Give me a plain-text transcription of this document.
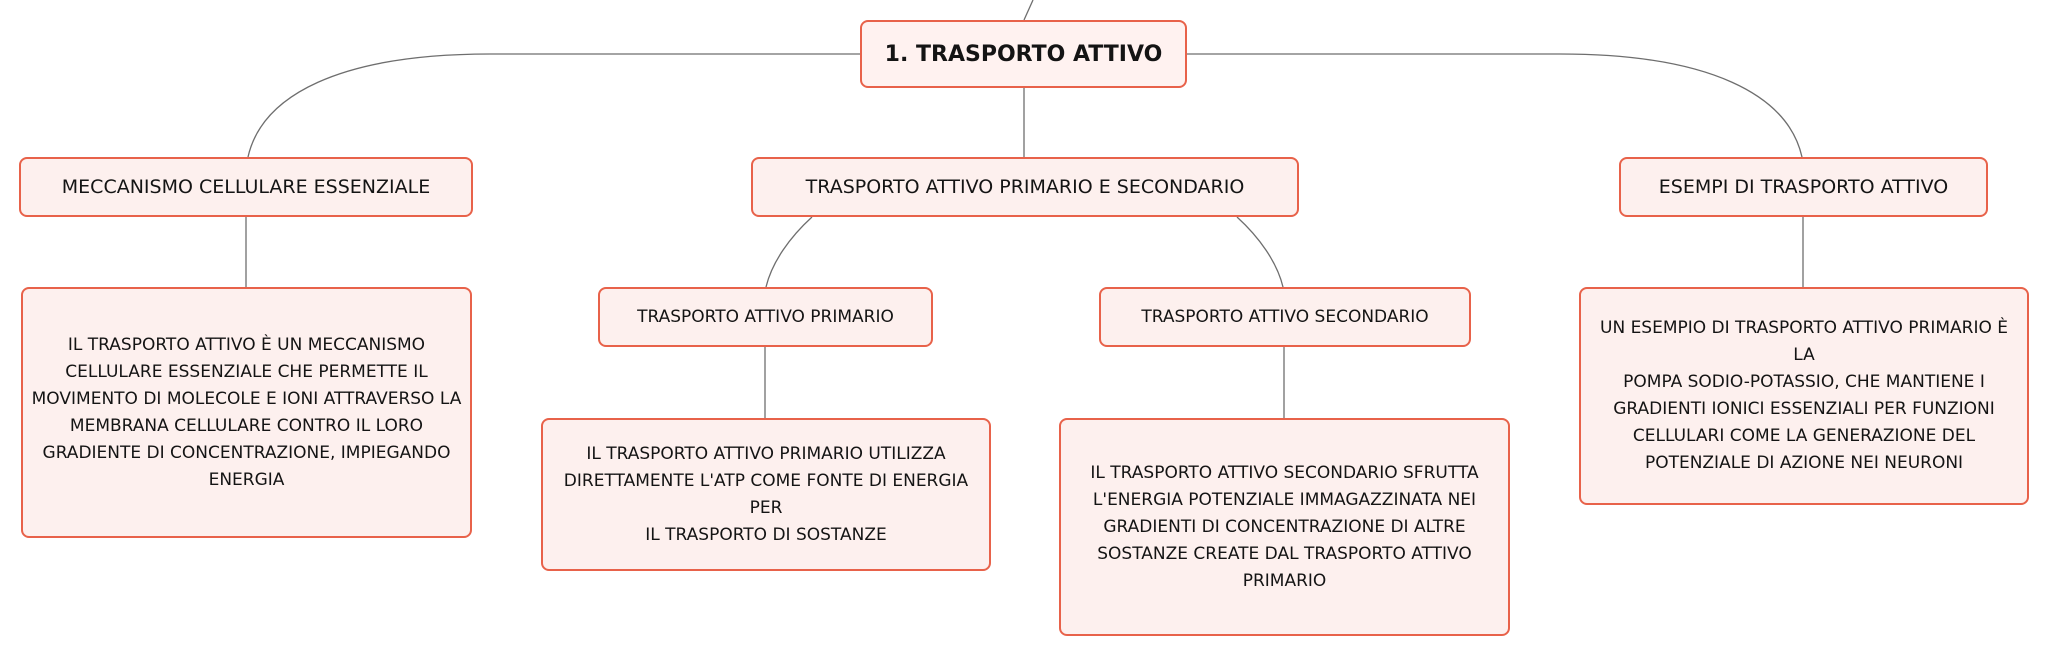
1. TRASPORTO ATTIVO
MECCANISMO CELLULARE ESSENZIALE	TRASPORTO ATTIVO PRIMARIO E SECONDARIO	ESEMPI DI TRASPORTO ATTIVO
TRASPORTO ATTIVO PRIMARIO	TRASPORTO ATTIVO SECONDARIO
IL TRASPORTO ATTIVO È UN MECCANISMO
CELLULARE ESSENZIALE CHE PERMETTE IL
MOVIMENTO DI MOLECOLE E IONI ATTRAVERSO LA
MEMBRANA CELLULARE CONTRO IL LORO
GRADIENTE DI CONCENTRAZIONE, IMPIEGANDO
ENERGIA
IL TRASPORTO ATTIVO PRIMARIO UTILIZZA
DIRETTAMENTE L'ATP COME FONTE DI ENERGIA PER
IL TRASPORTO DI SOSTANZE
IL TRASPORTO ATTIVO SECONDARIO SFRUTTA
L'ENERGIA POTENZIALE IMMAGAZZINATA NEI
GRADIENTI DI CONCENTRAZIONE DI ALTRE
SOSTANZE CREATE DAL TRASPORTO ATTIVO
PRIMARIO
UN ESEMPIO DI TRASPORTO ATTIVO PRIMARIO È LA
POMPA SODIO-POTASSIO, CHE MANTIENE I
GRADIENTI IONICI ESSENZIALI PER FUNZIONI
CELLULARI COME LA GENERAZIONE DEL
POTENZIALE DI AZIONE NEI NEURONI
